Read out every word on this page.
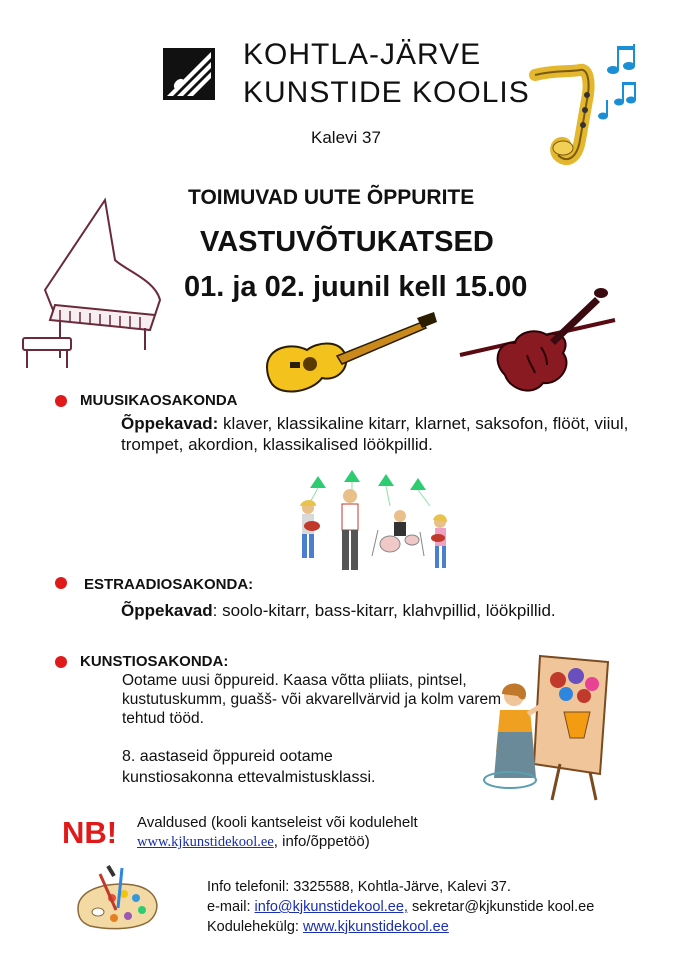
KOHTLA-JÄRVE
KUNSTIDE KOOLIS
Kalevi 37
TOIMUVAD UUTE ÕPPURITE
VASTUVÕTUKATSED
01. ja 02. juunil kell 15.00
MUUSIKAOSAKONDA
Õppekavad: klaver, klassikaline kitarr, klarnet, saksofon, flööt, viiul, trompet, akordion, klassikalised löökpillid.
ESTRAADIOSAKONDA:
Õppekavad: soolo-kitarr, bass-kitarr, klahvpillid, löökpillid.
KUNSTIOSAKONDA:
Ootame uusi õppureid. Kaasa võtta pliiats, pintsel, kustutuskumm, guašš- või akvarellvärvid ja kolm varem tehtud tööd.
8. aastaseid õppureid ootame kunstiosakonna ettevalmistusklassi.
NB! Avaldused (kooli kantseleist või kodulehelt
www.kjkunstidekool.ee, info/õppetöö)
Info telefonil: 3325588, Kohtla-Järve, Kalevi 37.
e-mail: info@kjkunstidekool.ee, sekretar@kjkunstide kool.ee
Kodulehekülg: www.kjkunstidekool.ee
